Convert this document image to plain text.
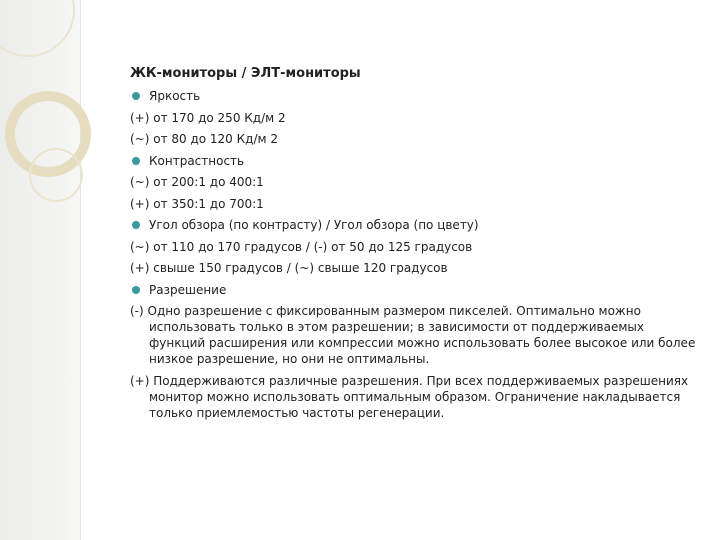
ЖК-мониторы / ЭЛТ-мониторы
Яркость
(+) от 170 до 250 Кд/м 2
(~) от 80 до 120 Кд/м 2
Контрастность
(~) от 200:1 до 400:1
(+) от 350:1 до 700:1
Угол обзора (по контрасту) / Угол обзора (по цвету)
(~) от 110 до 170 градусов / (-) от 50 до 125 градусов
(+) свыше 150 градусов / (~) свыше 120 градусов
Разрешение
(-) Одно разрешение с фиксированным размером пикселей. Оптимально можно использовать только в этом разрешении; в зависимости от поддерживаемых функций расширения или компрессии можно использовать более высокое или более низкое разрешение, но они не оптимальны.
(+) Поддерживаются различные разрешения. При всех поддерживаемых разрешениях монитор можно использовать оптимальным образом. Ограничение накладывается только приемлемостью частоты регенерации.
